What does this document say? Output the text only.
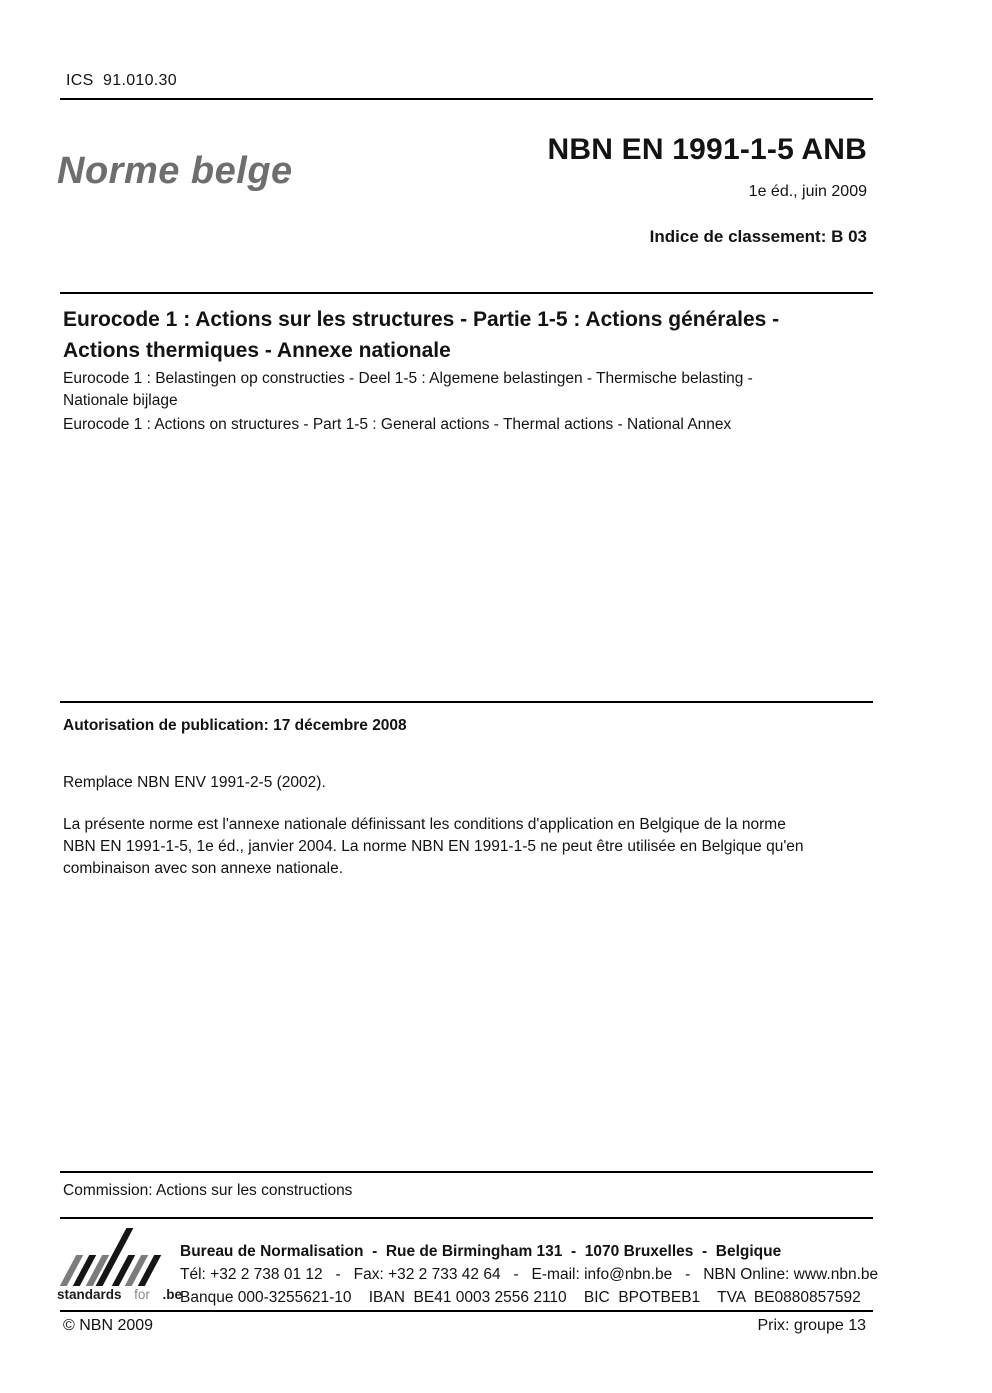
ICS  91.010.30
Norme belge
NBN EN 1991-1-5 ANB
1e éd., juin 2009
Indice de classement: B 03
Eurocode 1 : Actions sur les structures - Partie 1-5 : Actions générales -
Actions thermiques - Annexe nationale
Eurocode 1 : Belastingen op constructies - Deel 1-5 : Algemene belastingen - Thermische belasting -
Nationale bijlage
Eurocode 1 : Actions on structures - Part 1-5 : General actions - Thermal actions - National Annex
Autorisation de publication: 17 décembre 2008
Remplace NBN ENV 1991-2-5 (2002).
La présente norme est l'annexe nationale définissant les conditions d'application en Belgique de la norme
NBN EN 1991-1-5, 1e éd., janvier 2004. La norme NBN EN 1991-1-5 ne peut être utilisée en Belgique qu'en
combinaison avec son annexe nationale.
Commission: Actions sur les constructions
standards for .be
Bureau de Normalisation  -  Rue de Birmingham 131  -  1070 Bruxelles  -  Belgique
Tél: +32 2 738 01 12   -   Fax: +32 2 733 42 64   -   E-mail: info@nbn.be   -   NBN Online: www.nbn.be
Banque 000-3255621-10    IBAN  BE41 0003 2556 2110    BIC  BPOTBEB1    TVA  BE0880857592
© NBN 2009	Prix: groupe 13
